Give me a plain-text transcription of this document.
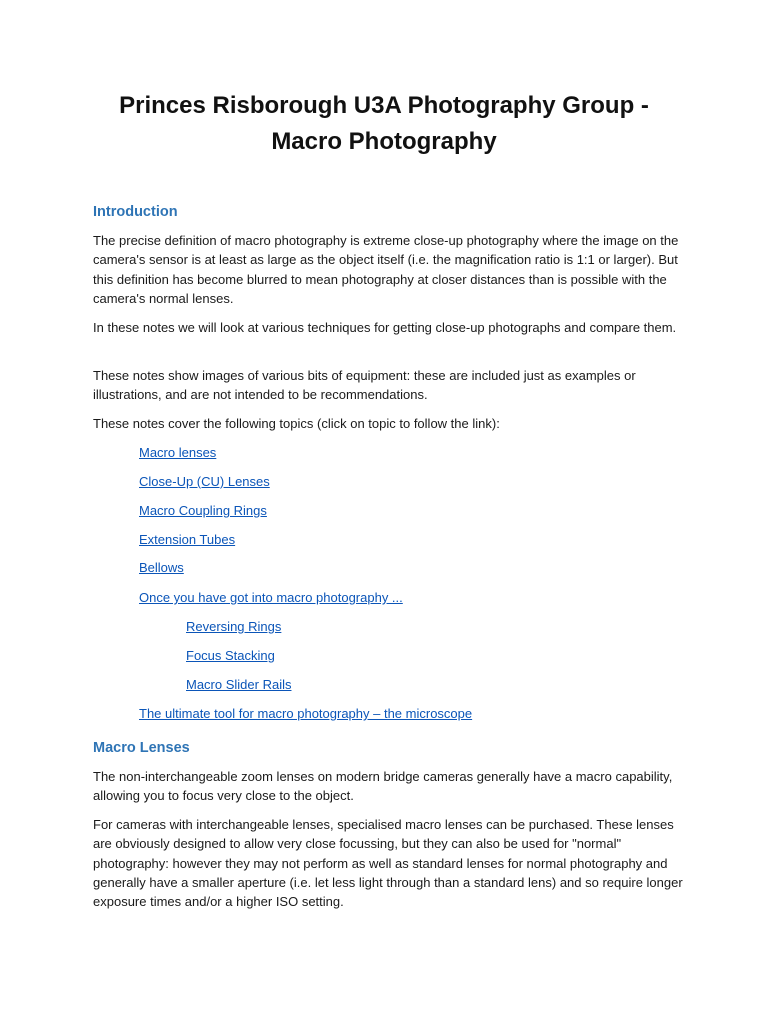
Princes Risborough U3A Photography Group -
Macro Photography
Introduction

The precise definition of macro photography is extreme close-up photography where the image on the camera's sensor is at least as large as the object itself (i.e. the magnification ratio is 1:1 or larger). But this definition has become blurred to mean photography at closer distances than is possible with the camera's normal lenses.

In these notes we will look at various techniques for getting close-up photographs and compare them.

These notes show images of various bits of equipment: these are included just as examples or illustrations, and are not intended to be recommendations.

These notes cover the following topics (click on topic to follow the link):

Macro lenses
Close-Up (CU) Lenses
Macro Coupling Rings
Extension Tubes
Bellows
Once you have got into macro photography ...
Reversing Rings
Focus Stacking
Macro Slider Rails
The ultimate tool for macro photography – the microscope
Macro Lenses

The non-interchangeable zoom lenses on modern bridge cameras generally have a macro capability, allowing you to focus very close to the object.

For cameras with interchangeable lenses, specialised macro lenses can be purchased. These lenses are obviously designed to allow very close focussing, but they can also be used for "normal" photography: however they may not perform as well as standard lenses for normal photography and generally have a smaller aperture (i.e. let less light through than a standard lens) and so require longer exposure times and/or a higher ISO setting.
